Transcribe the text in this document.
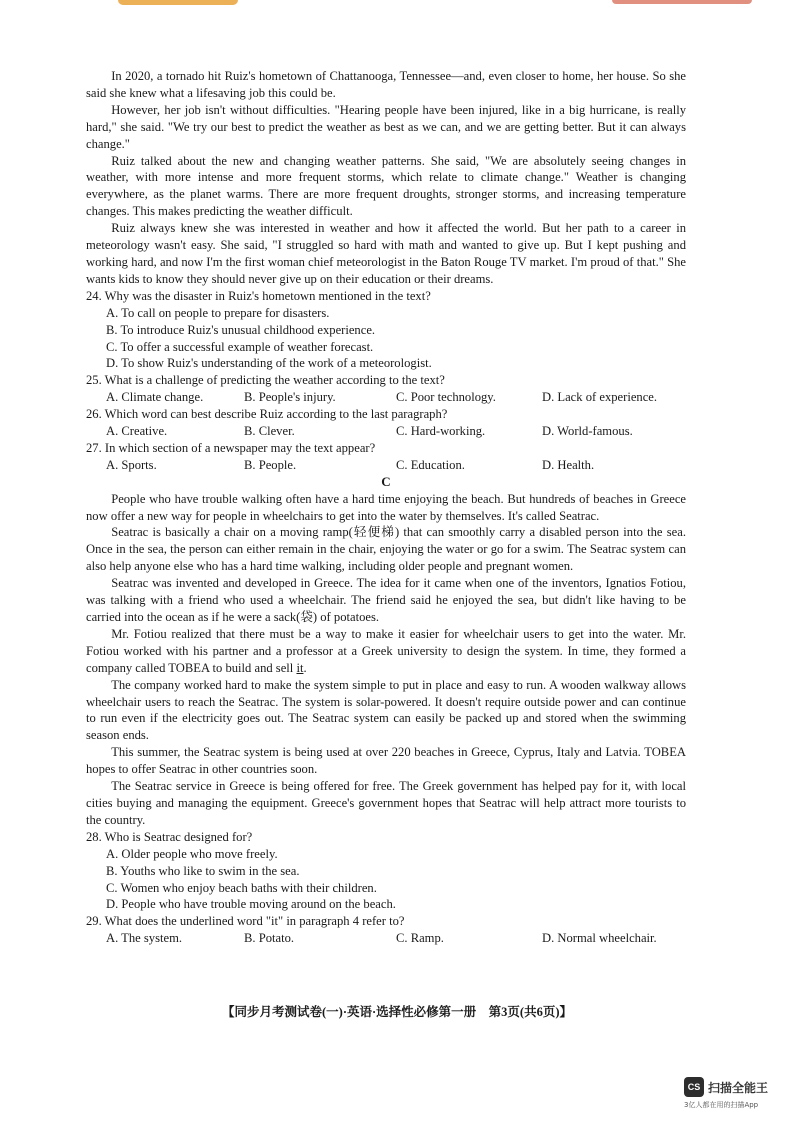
In 2020, a tornado hit Ruiz's hometown of Chattanooga, Tennessee—and, even closer to home, her house. So she said she knew what a lifesaving job this could be.

However, her job isn't without difficulties. "Hearing people have been injured, like in a big hurricane, is really hard," she said. "We try our best to predict the weather as best as we can, and we are getting better. But it can always change."

Ruiz talked about the new and changing weather patterns. She said, "We are absolutely seeing changes in weather, with more intense and more frequent storms, which relate to climate change." Weather is changing everywhere, as the planet warms. There are more frequent droughts, stronger storms, and increasing temperature changes. This makes predicting the weather difficult.

Ruiz always knew she was interested in weather and how it affected the world. But her path to a career in meteorology wasn't easy. She said, "I struggled so hard with math and wanted to give up. But I kept pushing and working hard, and now I'm the first woman chief meteorologist in the Baton Rouge TV market. I'm proud of that." She wants kids to know they should never give up on their education or their dreams.

24. Why was the disaster in Ruiz's hometown mentioned in the text?

A. To call on people to prepare for disasters.

B. To introduce Ruiz's unusual childhood experience.

C. To offer a successful example of weather forecast.

D. To show Ruiz's understanding of the work of a meteorologist.

25. What is a challenge of predicting the weather according to the text?

A. Climate change.	B. People's injury.	C. Poor technology.	D. Lack of experience.

26. Which word can best describe Ruiz according to the last paragraph?

A. Creative.	B. Clever.	C. Hard-working.	D. World-famous.

27. In which section of a newspaper may the text appear?

A. Sports.	B. People.	C. Education.	D. Health.

C

People who have trouble walking often have a hard time enjoying the beach. But hundreds of beaches in Greece now offer a new way for people in wheelchairs to get into the water by themselves. It's called Seatrac.

Seatrac is basically a chair on a moving ramp(轻便梯) that can smoothly carry a disabled person into the sea. Once in the sea, the person can either remain in the chair, enjoying the water or go for a swim. The Seatrac system can also help anyone else who has a hard time walking, including older people and pregnant women.

Seatrac was invented and developed in Greece. The idea for it came when one of the inventors, Ignatios Fotiou, was talking with a friend who used a wheelchair. The friend said he enjoyed the sea, but didn't like having to be carried into the ocean as if he were a sack(袋) of potatoes.

Mr. Fotiou realized that there must be a way to make it easier for wheelchair users to get into the water. Mr. Fotiou worked with his partner and a professor at a Greek university to design the system. In time, they formed a company called TOBEA to build and sell it.

The company worked hard to make the system simple to put in place and easy to run. A wooden walkway allows wheelchair users to reach the Seatrac. The system is solar-powered. It doesn't require outside power and can continue to run even if the electricity goes out. The Seatrac system can easily be packed up and stored when the swimming season ends.

This summer, the Seatrac system is being used at over 220 beaches in Greece, Cyprus, Italy and Latvia. TOBEA hopes to offer Seatrac in other countries soon.

The Seatrac service in Greece is being offered for free. The Greek government has helped pay for it, with local cities buying and managing the equipment. Greece's government hopes that Seatrac will help attract more tourists to the country.

28. Who is Seatrac designed for?

A. Older people who move freely.

B. Youths who like to swim in the sea.

C. Women who enjoy beach baths with their children.

D. People who have trouble moving around on the beach.

29. What does the underlined word "it" in paragraph 4 refer to?

A. The system.	B. Potato.	C. Ramp.	D. Normal wheelchair.
【同步月考测试卷(一)·英语·选择性必修第一册　第3页(共6页)】
CS 扫描全能王
3亿人都在用的扫描App
